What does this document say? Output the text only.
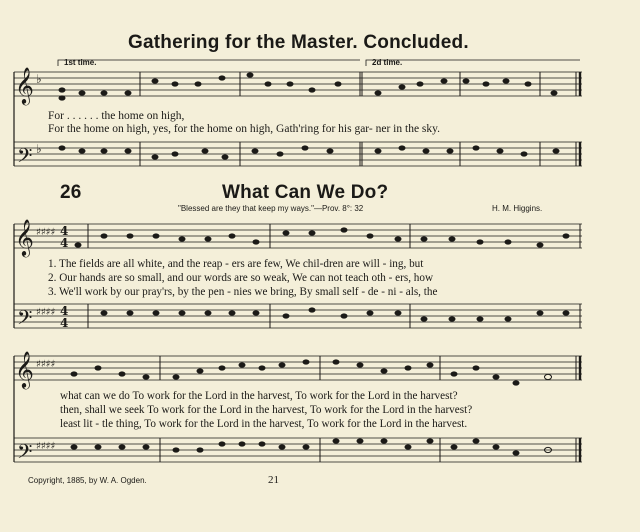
𝄞
𝄢
𝄞
𝄢
𝄞
𝄢
♭
♭
♯♯♯♯
♯♯♯♯
♯♯♯♯
♯♯♯♯
4
4
4
4
Gathering for the Master. Concluded.
1st time.	2d time.
For . . . . . . the home on high,
For the home on high, yes, for the home on high, Gath'ring for his gar- ner in the sky.
26	What Can We Do?
"Blessed are they that keep my ways."—Prov. 8°: 32	H. M. Higgins.
1. The fields are all white, and the reap - ers are few, We chil-dren are will - ing, but
2. Our hands are so small, and our words are so weak, We can not teach oth - ers, how
3. We'll work by our pray'rs, by the pen - nies we bring, By small self - de - ni - als, the
what can we do To work for the Lord in the harvest, To work for the Lord in the harvest?
then, shall we seek To work for the Lord in the harvest, To work for the Lord in the harvest?
least lit - tle thing, To work for the Lord in the harvest, To work for the Lord in the harvest.
Copyright, 1885, by W. A. Ogden.	21
